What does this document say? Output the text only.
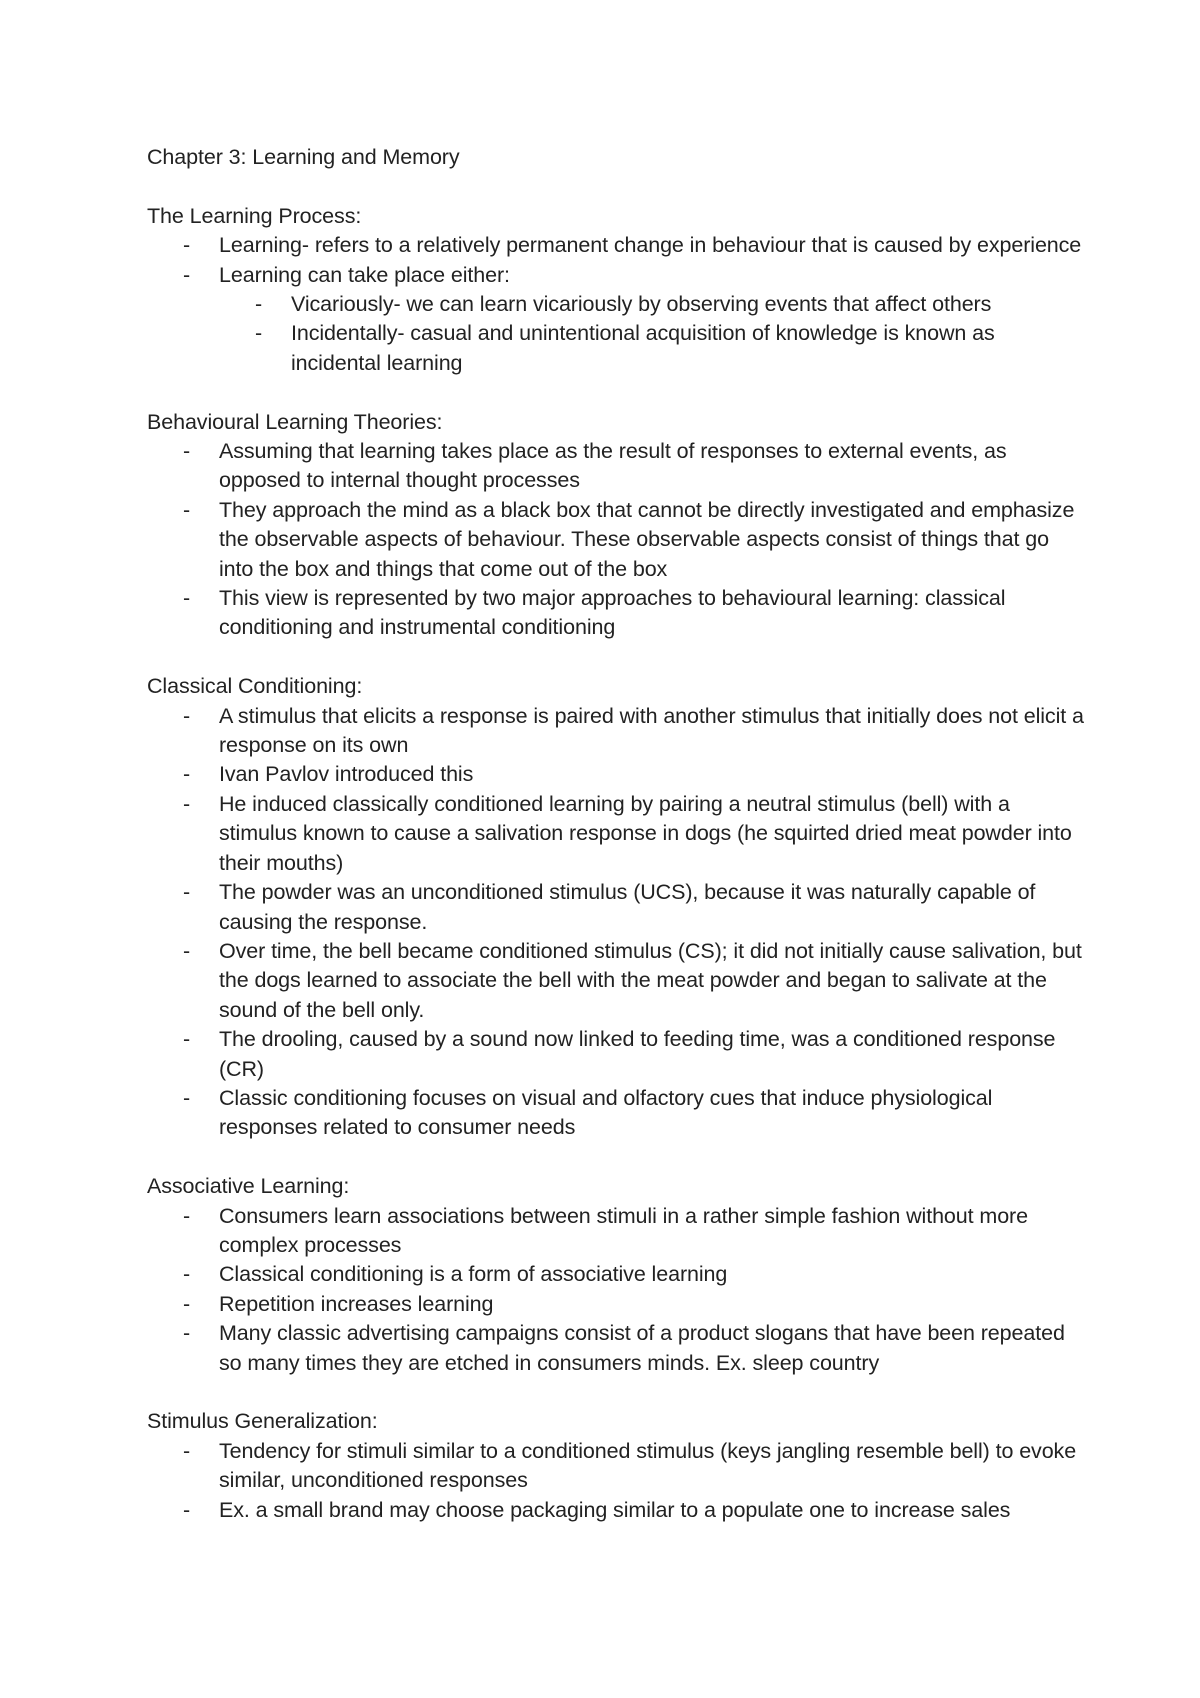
Chapter 3: Learning and Memory
The Learning Process:
- Learning- refers to a relatively permanent change in behaviour that is caused by experience
- Learning can take place either:
- Vicariously- we can learn vicariously by observing events that affect others
- Incidentally- casual and unintentional acquisition of knowledge is known as incidental learning
Behavioural Learning Theories:
- Assuming that learning takes place as the result of responses to external events, as opposed to internal thought processes
- They approach the mind as a black box that cannot be directly investigated and emphasize the observable aspects of behaviour. These observable aspects consist of things that go into the box and things that come out of the box
- This view is represented by two major approaches to behavioural learning: classical conditioning and instrumental conditioning
Classical Conditioning:
- A stimulus that elicits a response is paired with another stimulus that initially does not elicit a response on its own
- Ivan Pavlov introduced this
- He induced classically conditioned learning by pairing a neutral stimulus (bell) with a stimulus known to cause a salivation response in dogs (he squirted dried meat powder into their mouths)
- The powder was an unconditioned stimulus (UCS), because it was naturally capable of causing the response.
- Over time, the bell became conditioned stimulus (CS); it did not initially cause salivation, but the dogs learned to associate the bell with the meat powder and began to salivate at the sound of the bell only.
- The drooling, caused by a sound now linked to feeding time, was a conditioned response (CR)
- Classic conditioning focuses on visual and olfactory cues that induce physiological responses related to consumer needs
Associative Learning:
- Consumers learn associations between stimuli in a rather simple fashion without more complex processes
- Classical conditioning is a form of associative learning
- Repetition increases learning
- Many classic advertising campaigns consist of a product slogans that have been repeated so many times they are etched in consumers minds. Ex. sleep country
Stimulus Generalization:
- Tendency for stimuli similar to a conditioned stimulus (keys jangling resemble bell) to evoke similar, unconditioned responses
- Ex. a small brand may choose packaging similar to a populate one to increase sales
